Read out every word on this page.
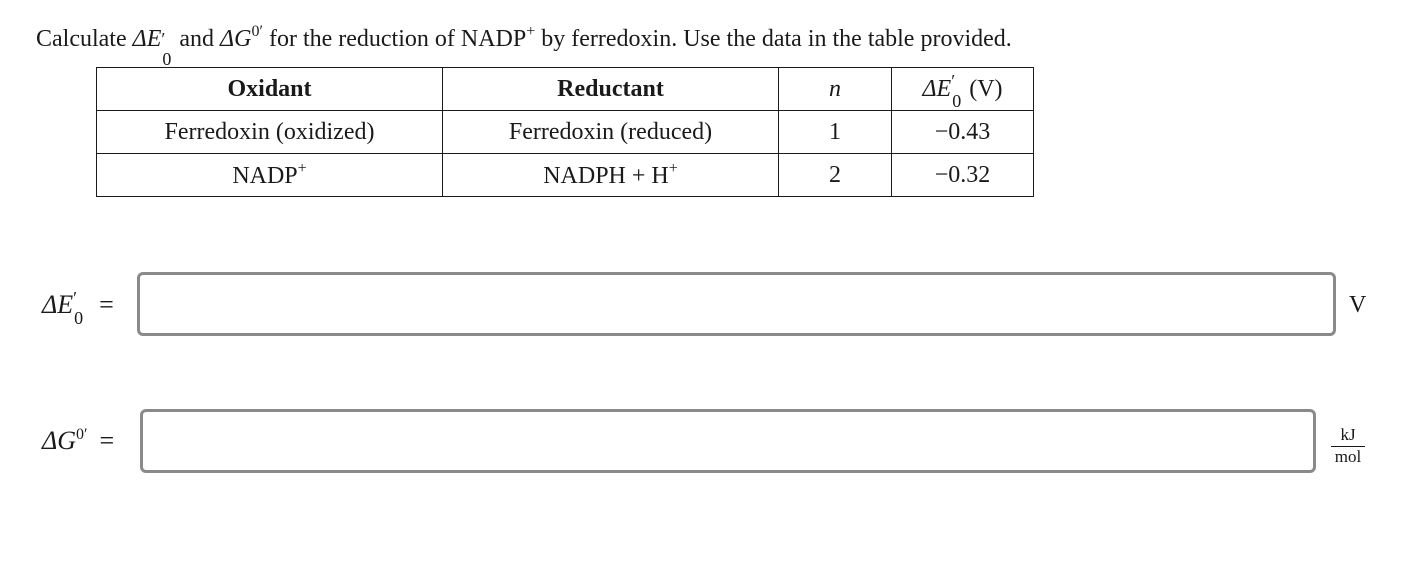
Calculate ΔE ′
0
and $\Delta G^{0'}$ for the reduction of NADP+ by ferredoxin. Use the data in the table provided.
Oxidant	Reductant	n	ΔE ′
0 (V)
Ferredoxin (oxidized)	Ferredoxin (reduced)	1	−0.43
NADP+	NADPH + H+	2	−0.32
ΔE ′
0 =	V
$\Delta G^{0'}$ =	kJ
mol
